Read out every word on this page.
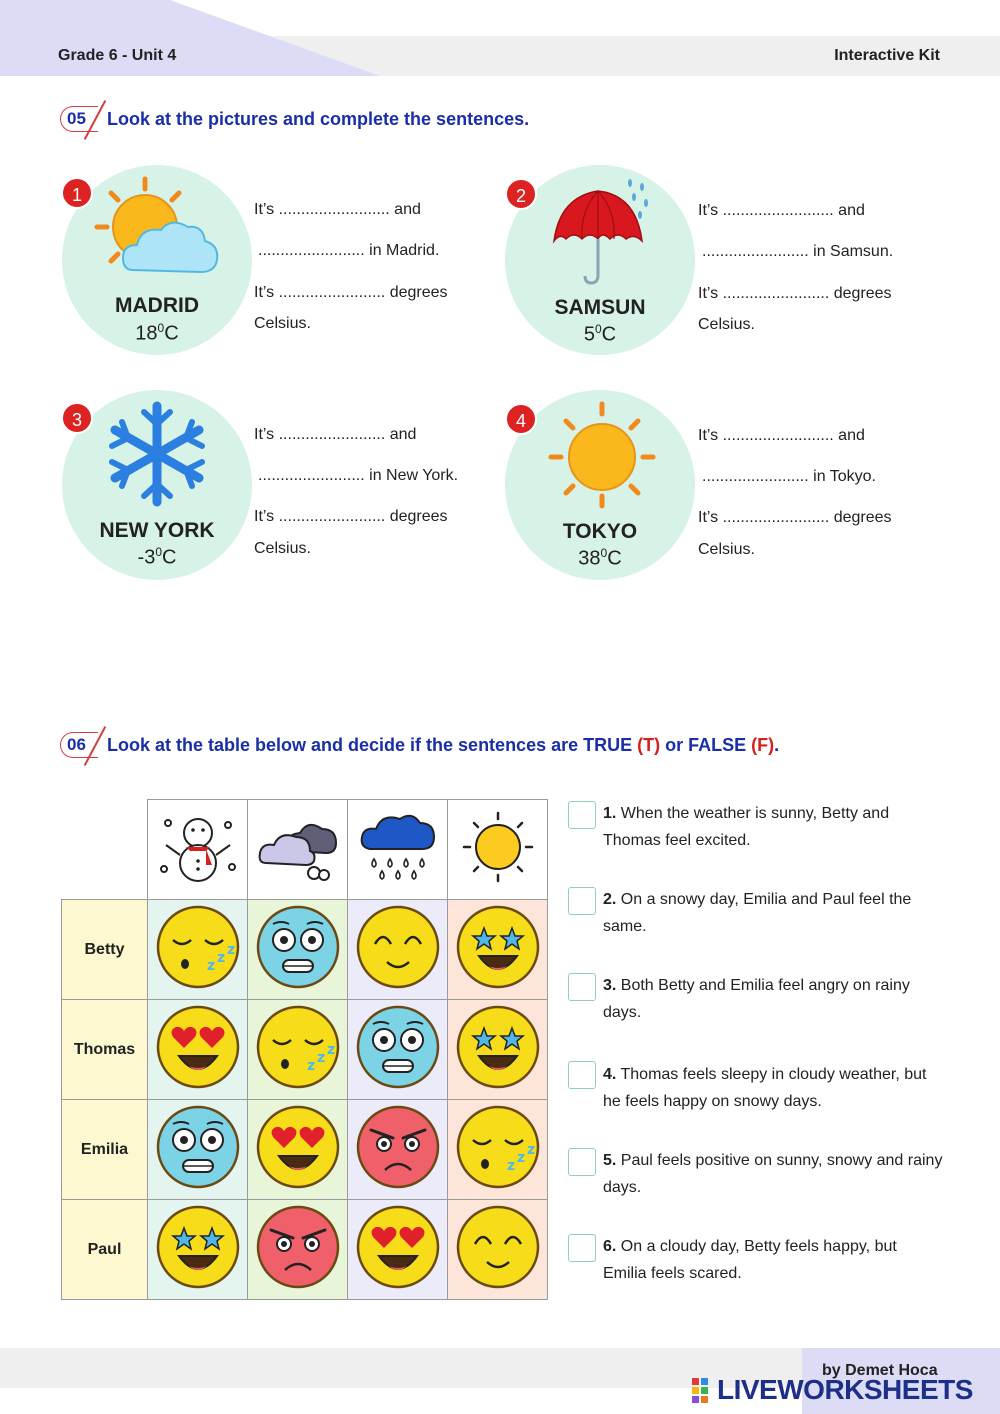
Grade 6 - Unit 4	Interactive Kit
05	Look at the pictures and complete the sentences.
1
MADRID
$18^0C$
It’s ......................... and
........................ in Madrid.
It’s ........................ degrees
Celsius.
2
SAMSUN
$5^0C$
It’s ......................... and
........................ in Samsun.
It’s ........................ degrees
Celsius.
3
NEW YORK
$-3^0C$
It’s ........................ and
........................ in New York.
It’s ........................ degrees
Celsius.
4
TOKYO
$38^0C$
It’s ......................... and
........................ in Tokyo.
It’s ........................ degrees
Celsius.
06	Look at the table below and decide if the sentences are TRUE (T) or FALSE (F).

Betty	z z z

Thomas		z z z

Emilia				z z z

Paul				
1. When the weather is sunny, Betty and Thomas feel excited.
2. On a snowy day, Emilia and Paul feel the same.
3. Both Betty and Emilia feel angry on rainy days.
4. Thomas feels sleepy in cloudy weather, but he feels happy on snowy days.
5. Paul feels positive on sunny, snowy and rainy days.
6. On a cloudy day, Betty feels happy, but Emilia feels scared.
by Demet Hoca
LIVEWORKSHEETS
